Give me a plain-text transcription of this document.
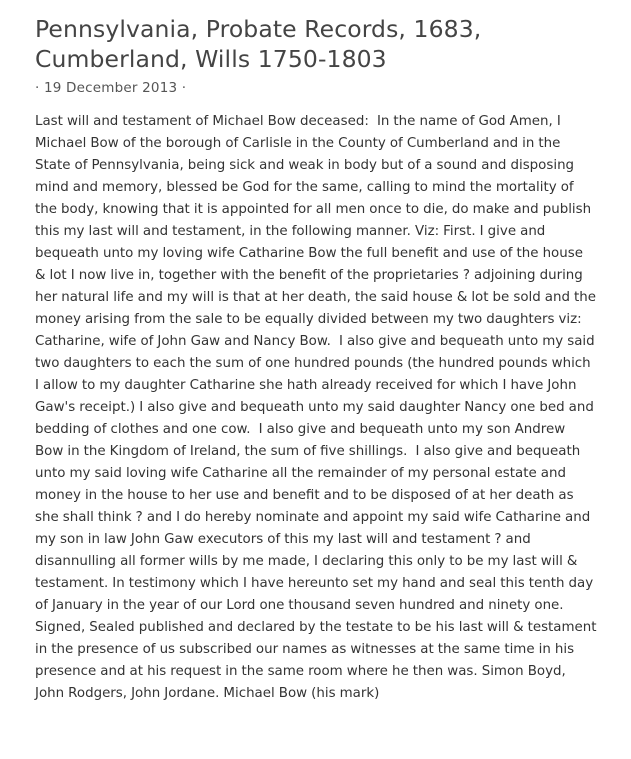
Pennsylvania, Probate Records, 1683, Cumberland, Wills 1750-1803
· 19 December 2013 ·
Last will and testament of Michael Bow deceased:  In the name of God Amen, I Michael Bow of the borough of Carlisle in the County of Cumberland and in the State of Pennsylvania, being sick and weak in body but of a sound and disposing mind and memory, blessed be God for the same, calling to mind the mortality of the body, knowing that it is appointed for all men once to die, do make and publish this my last will and testament, in the following manner. Viz: First. I give and bequeath unto my loving wife Catharine Bow the full benefit and use of the house & lot I now live in, together with the benefit of the proprietaries ? adjoining during her natural life and my will is that at her death, the said house & lot be sold and the money arising from the sale to be equally divided between my two daughters viz: Catharine, wife of John Gaw and Nancy Bow.  I also give and bequeath unto my said two daughters to each the sum of one hundred pounds (the hundred pounds which I allow to my daughter Catharine she hath already received for which I have John Gaw's receipt.) I also give and bequeath unto my said daughter Nancy one bed and bedding of clothes and one cow.  I also give and bequeath unto my son Andrew Bow in the Kingdom of Ireland, the sum of five shillings.  I also give and bequeath unto my said loving wife Catharine all the remainder of my personal estate and money in the house to her use and benefit and to be disposed of at her death as she shall think ? and I do hereby nominate and appoint my said wife Catharine and my son in law John Gaw executors of this my last will and testament ? and disannulling all former wills by me made, I declaring this only to be my last will & testament. In testimony which I have hereunto set my hand and seal this tenth day of January in the year of our Lord one thousand seven hundred and ninety one. Signed, Sealed published and declared by the testate to be his last will & testament in the presence of us subscribed our names as witnesses at the same time in his presence and at his request in the same room where he then was. Simon Boyd, John Rodgers, John Jordane. Michael Bow (his mark)
